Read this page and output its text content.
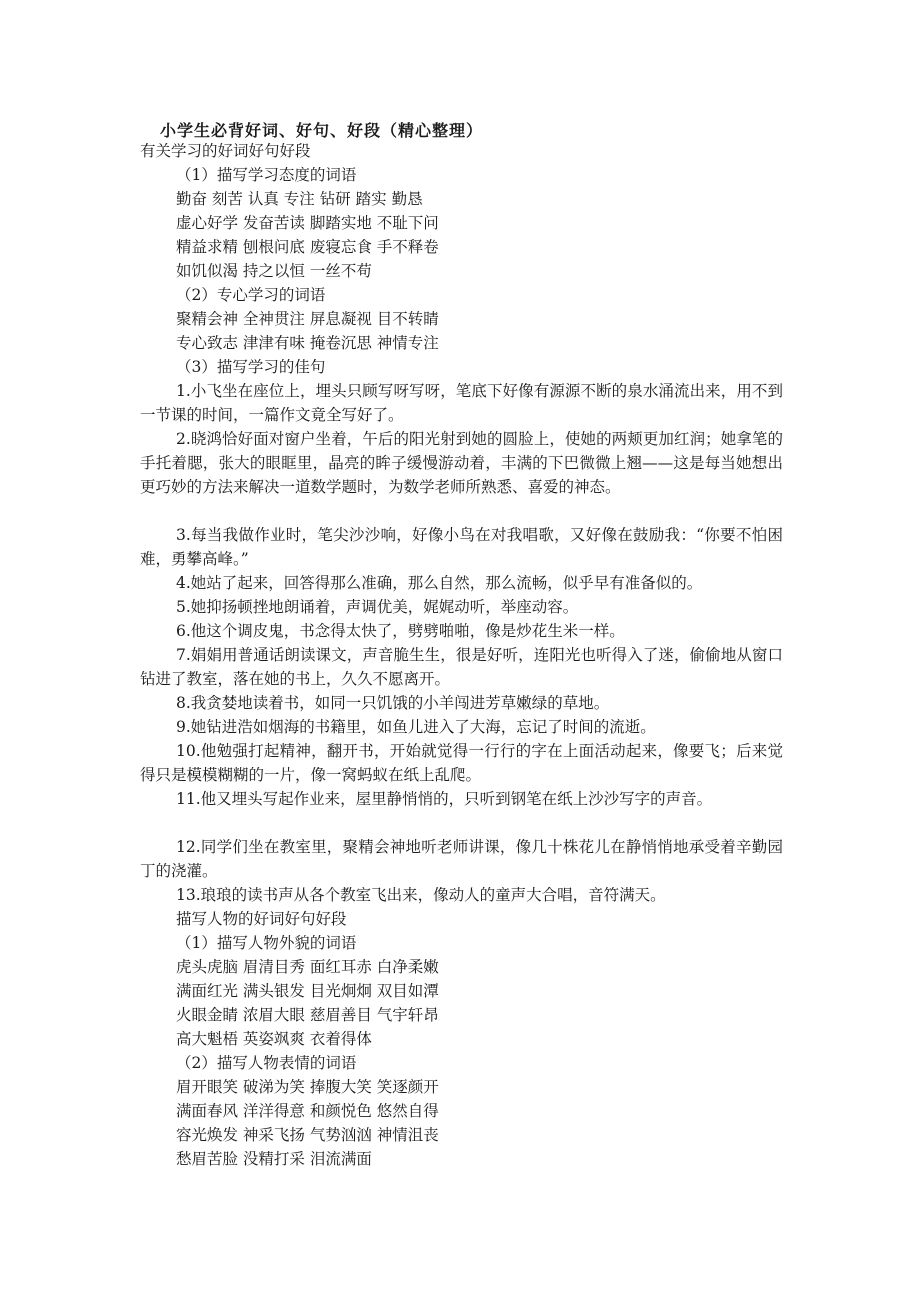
小学生必背好词、好句、好段（精心整理）
有关学习的好词好句好段
（1）描写学习态度的词语
勤奋 刻苦 认真 专注 钻研 踏实 勤恳
虚心好学 发奋苦读 脚踏实地 不耻下问
精益求精 刨根问底 废寝忘食 手不释卷
如饥似渴 持之以恒 一丝不苟
（2）专心学习的词语
聚精会神 全神贯注 屏息凝视 目不转睛
专心致志 津津有味 掩卷沉思 神情专注
（3）描写学习的佳句
1.小飞坐在座位上，埋头只顾写呀写呀，笔底下好像有源源不断的泉水涌流出来，用不到一节课的时间，一篇作文竟全写好了。
2.晓鸿恰好面对窗户坐着，午后的阳光射到她的圆脸上，使她的两颊更加红润；她拿笔的手托着腮，张大的眼眶里，晶亮的眸子缓慢游动着，丰满的下巴微微上翘——这是每当她想出更巧妙的方法来解决一道数学题时，为数学老师所熟悉、喜爱的神态。
3.每当我做作业时，笔尖沙沙响，好像小鸟在对我唱歌，又好像在鼓励我：“你要不怕困难，勇攀高峰。”
4.她站了起来，回答得那么准确，那么自然，那么流畅，似乎早有准备似的。
5.她抑扬顿挫地朗诵着，声调优美，娓娓动听，举座动容。
6.他这个调皮鬼，书念得太快了，劈劈啪啪，像是炒花生米一样。
7.娟娟用普通话朗读课文，声音脆生生，很是好听，连阳光也听得入了迷，偷偷地从窗口钻进了教室，落在她的书上，久久不愿离开。
8.我贪婪地读着书，如同一只饥饿的小羊闯进芳草嫩绿的草地。
9.她钻进浩如烟海的书籍里，如鱼儿进入了大海，忘记了时间的流逝。
10.他勉强打起精神，翻开书，开始就觉得一行行的字在上面活动起来，像要飞；后来觉得只是模模糊糊的一片，像一窝蚂蚁在纸上乱爬。
11.他又埋头写起作业来，屋里静悄悄的，只听到钢笔在纸上沙沙写字的声音。
12.同学们坐在教室里，聚精会神地听老师讲课，像几十株花儿在静悄悄地承受着辛勤园丁的浇灌。
13.琅琅的读书声从各个教室飞出来，像动人的童声大合唱，音符满天。
描写人物的好词好句好段
（1）描写人物外貌的词语
虎头虎脑 眉清目秀 面红耳赤 白净柔嫩
满面红光 满头银发 目光炯炯 双目如潭
火眼金睛 浓眉大眼 慈眉善目 气宇轩昂
高大魁梧 英姿飒爽 衣着得体
（2）描写人物表情的词语
眉开眼笑 破涕为笑 捧腹大笑 笑逐颜开
满面春风 洋洋得意 和颜悦色 悠然自得
容光焕发 神采飞扬 气势汹汹 神情沮丧
愁眉苦脸 没精打采 泪流满面
